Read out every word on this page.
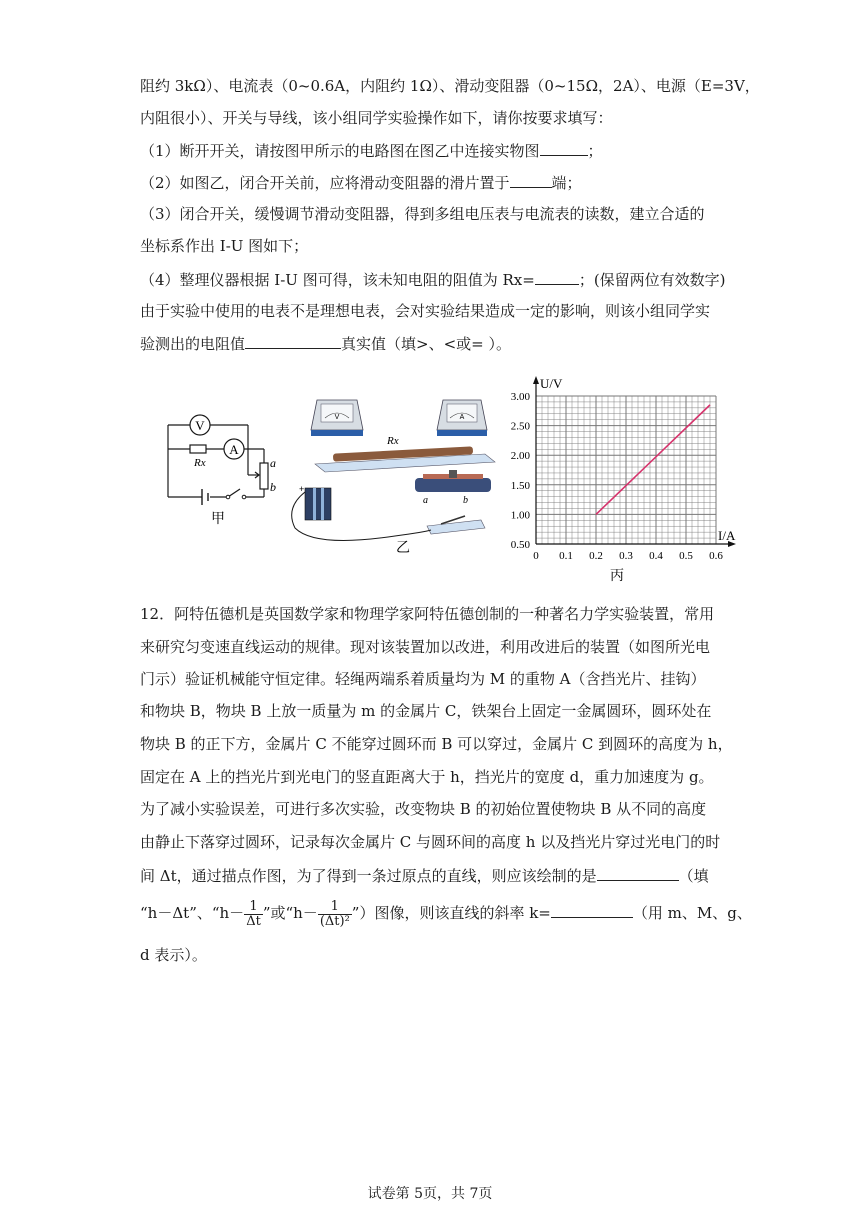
阻约 3kΩ）、电流表（0~0.6A，内阻约 1Ω）、滑动变阻器（0~15Ω，2A）、电源（E=3V，
内阻很小）、开关与导线，该小组同学实验操作如下，请你按要求填写：
（1）断开开关，请按图甲所示的电路图在图乙中连接实物图	；
（2）如图乙，闭合开关前，应将滑动变阻器的滑片置于	端；
（3）闭合开关，缓慢调节滑动变阻器，得到多组电压表与电流表的读数，建立合适的
坐标系作出 I-U 图如下；
（4）整理仪器根据 I-U 图可得，该未知电阻的阻值为 Rx=	；(保留两位有效数字)
由于实验中使用的电表不是理想电表，会对实验结果造成一定的影响，则该小组同学实
验测出的电阻值	真实值（填>、<或= ）。
V
A
Rx	a
b
甲
V	A
Rx
+
a	b
乙	0 0.1 0.2 0.3 0.4 0.5 0.6
0.50
1.00
1.50
2.00
2.50
3.00
U/V
I/A
丙
12．阿特伍德机是英国数学家和物理学家阿特伍德创制的一种著名力学实验装置，常用
来研究匀变速直线运动的规律。现对该装置加以改进，利用改进后的装置（如图所光电
门示）验证机械能守恒定律。轻绳两端系着质量均为 M 的重物 A（含挡光片、挂钩）
和物块 B，物块 B 上放一质量为 m 的金属片 C，铁架台上固定一金属圆环，圆环处在
物块 B 的正下方，金属片 C 不能穿过圆环而 B 可以穿过，金属片 C 到圆环的高度为 h，
固定在 A 上的挡光片到光电门的竖直距离大于 h，挡光片的宽度 d，重力加速度为 g。
为了减小实验误差，可进行多次实验，改变物块 B 的初始位置使物块 B 从不同的高度
由静止下落穿过圆环，记录每次金属片 C 与圆环间的高度 h 以及挡光片穿过光电门的时
间 Δt，通过描点作图，为了得到一条过原点的直线，则应该绘制的是	（填
“h－Δt”、“$h- \frac{1}{\Delta t}$ ”或“$h- \frac{1}{\text{(Δt)²}}$ ”）图像，则该直线的斜率 k=	（用 m、M、g、
d 表示）。
试卷第 5页，共 7页
